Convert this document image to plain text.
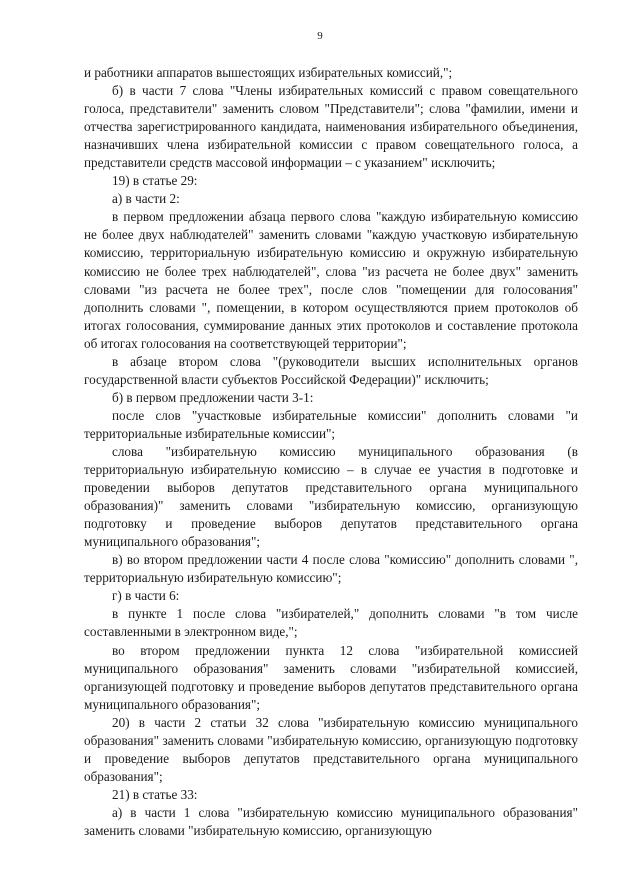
9

и работники аппаратов вышестоящих избирательных комиссий,";

б) в части 7 слова "Члены избирательных комиссий с правом совещательного голоса, представители" заменить словом "Представители"; слова "фамилии, имени и отчества зарегистрированного кандидата, наименования избирательного объединения, назначивших члена избирательной комиссии с правом совещательного голоса, а представители средств массовой информации – с указанием" исключить;

19) в статье 29:

а) в части 2:

в первом предложении абзаца первого слова "каждую избирательную комиссию не более двух наблюдателей" заменить словами "каждую участковую избирательную комиссию, территориальную избирательную комиссию и окружную избирательную комиссию не более трех наблюдателей", слова "из расчета не более двух" заменить словами "из расчета не более трех", после слов "помещении для голосования" дополнить словами ", помещении, в котором осуществляются прием протоколов об итогах голосования, суммирование данных этих протоколов и составление протокола об итогах голосования на соответствующей территории";

в абзаце втором слова "(руководители высших исполнительных органов государственной власти субъектов Российской Федерации)" исключить;

б) в первом предложении части 3-1:

после слов "участковые избирательные комиссии" дополнить словами "и территориальные избирательные комиссии";

слова "избирательную комиссию муниципального образования (в территориальную избирательную комиссию – в случае ее участия в подготовке и проведении выборов депутатов представительного органа муниципального образования)" заменить словами "избирательную комиссию, организующую подготовку и проведение выборов депутатов представительного органа муниципального образования";

в) во втором предложении части 4 после слова "комиссию" дополнить словами ", территориальную избирательную комиссию";

г) в части 6:

в пункте 1 после слова "избирателей," дополнить словами "в том числе составленными в электронном виде,";

во втором предложении пункта 12 слова "избирательной комиссией муниципального образования" заменить словами "избирательной комиссией, организующей подготовку и проведение выборов депутатов представительного органа муниципального образования";

20) в части 2 статьи 32 слова "избирательную комиссию муниципального образования" заменить словами "избирательную комиссию, организующую подготовку и проведение выборов депутатов представительного органа муниципального образования";

21) в статье 33:

а) в части 1 слова "избирательную комиссию муниципального образования" заменить словами "избирательную комиссию, организующую
